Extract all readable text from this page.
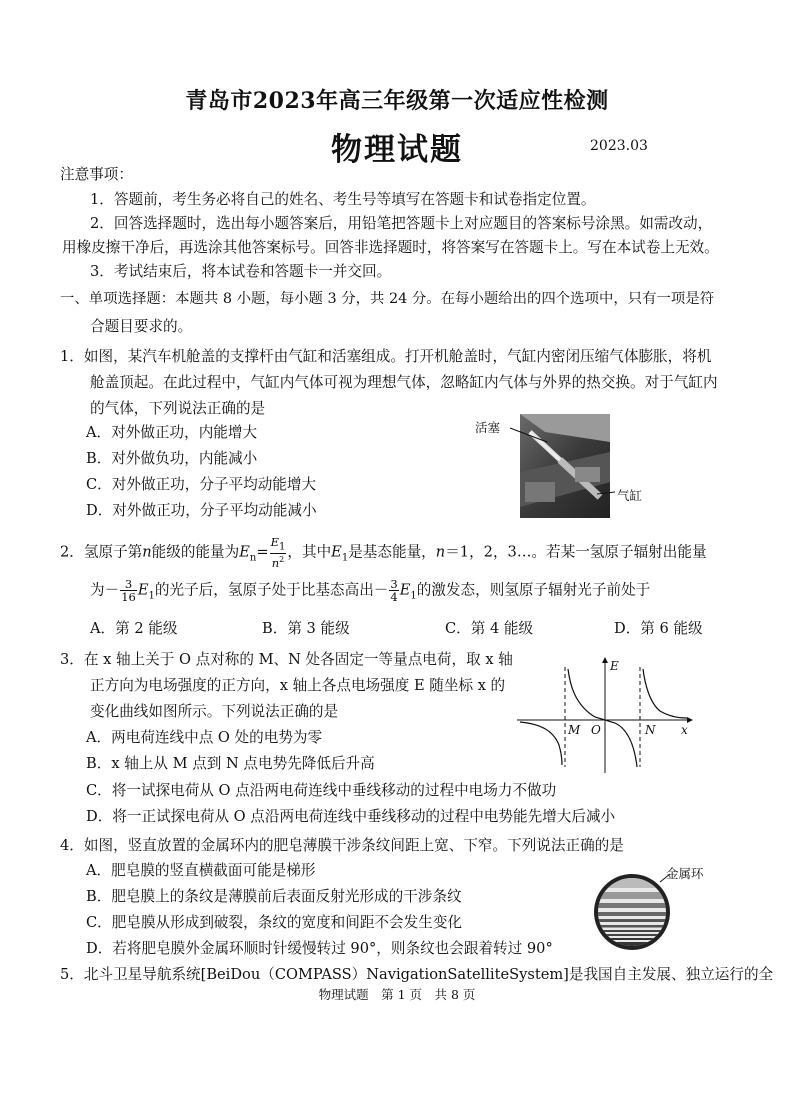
青岛市2023年高三年级第一次适应性检测
物理试题	2023.03
注意事项：
1．答题前，考生务必将自己的姓名、考生号等填写在答题卡和试卷指定位置。
2．回答选择题时，选出每小题答案后，用铅笔把答题卡上对应题目的答案标号涂黑。如需改动，
用橡皮擦干净后，再选涂其他答案标号。回答非选择题时，将答案写在答题卡上。写在本试卷上无效。
3．考试结束后，将本试卷和答题卡一并交回。
一、单项选择题：本题共 8 小题，每小题 3 分，共 24 分。在每小题给出的四个选项中，只有一项是符
合题目要求的。
1．如图，某汽车机舱盖的支撑杆由气缸和活塞组成。打开机舱盖时，气缸内密闭压缩气体膨胀，将机
舱盖顶起。在此过程中，气缸内气体可视为理想气体，忽略缸内气体与外界的热交换。对于气缸内
的气体，下列说法正确的是
A．对外做正功，内能增大
B．对外做负功，内能减小
C．对外做正功，分子平均动能增大
D．对外做正功，分子平均动能减小
活塞
气缸
2．氢原子第n能级的能量为$E_n= \frac{E_1}{n^2}$ ，其中$E_1$是基态能量，n＝1，2，3…。若某一氢原子辐射出能量
为－ $\frac{3}{16} E_1$的光子后，氢原子处于比基态高出－ $\frac{3}{4} E_1$的激发态，则氢原子辐射光子前处于
A．第 2 能级	B．第 3 能级	C．第 4 能级	D．第 6 能级
3．在 x 轴上关于 O 点对称的 M、N 处各固定一等量点电荷，取 x 轴
正方向为电场强度的正方向，x 轴上各点电场强度 E 随坐标 x 的
变化曲线如图所示。下列说法正确的是
A．两电荷连线中点 O 处的电势为零
B．x 轴上从 M 点到 N 点电势先降低后升高
C．将一试探电荷从 O 点沿两电荷连线中垂线移动的过程中电场力不做功
D．将一正试探电荷从 O 点沿两电荷连线中垂线移动的过程中电势能先增大后减小
E
M O	N x
4．如图，竖直放置的金属环内的肥皂薄膜干涉条纹间距上宽、下窄。下列说法正确的是
A．肥皂膜的竖直横截面可能是梯形
B．肥皂膜上的条纹是薄膜前后表面反射光形成的干涉条纹
C．肥皂膜从形成到破裂，条纹的宽度和间距不会发生变化
D．若将肥皂膜外金属环顺时针缓慢转过 90°，则条纹也会跟着转过 90°
金属环
5．北斗卫星导航系统[BeiDou（COMPASS）NavigationSatelliteSystem]是我国自主发展、独立运行的全
物理试题　第 1 页　共 8 页
